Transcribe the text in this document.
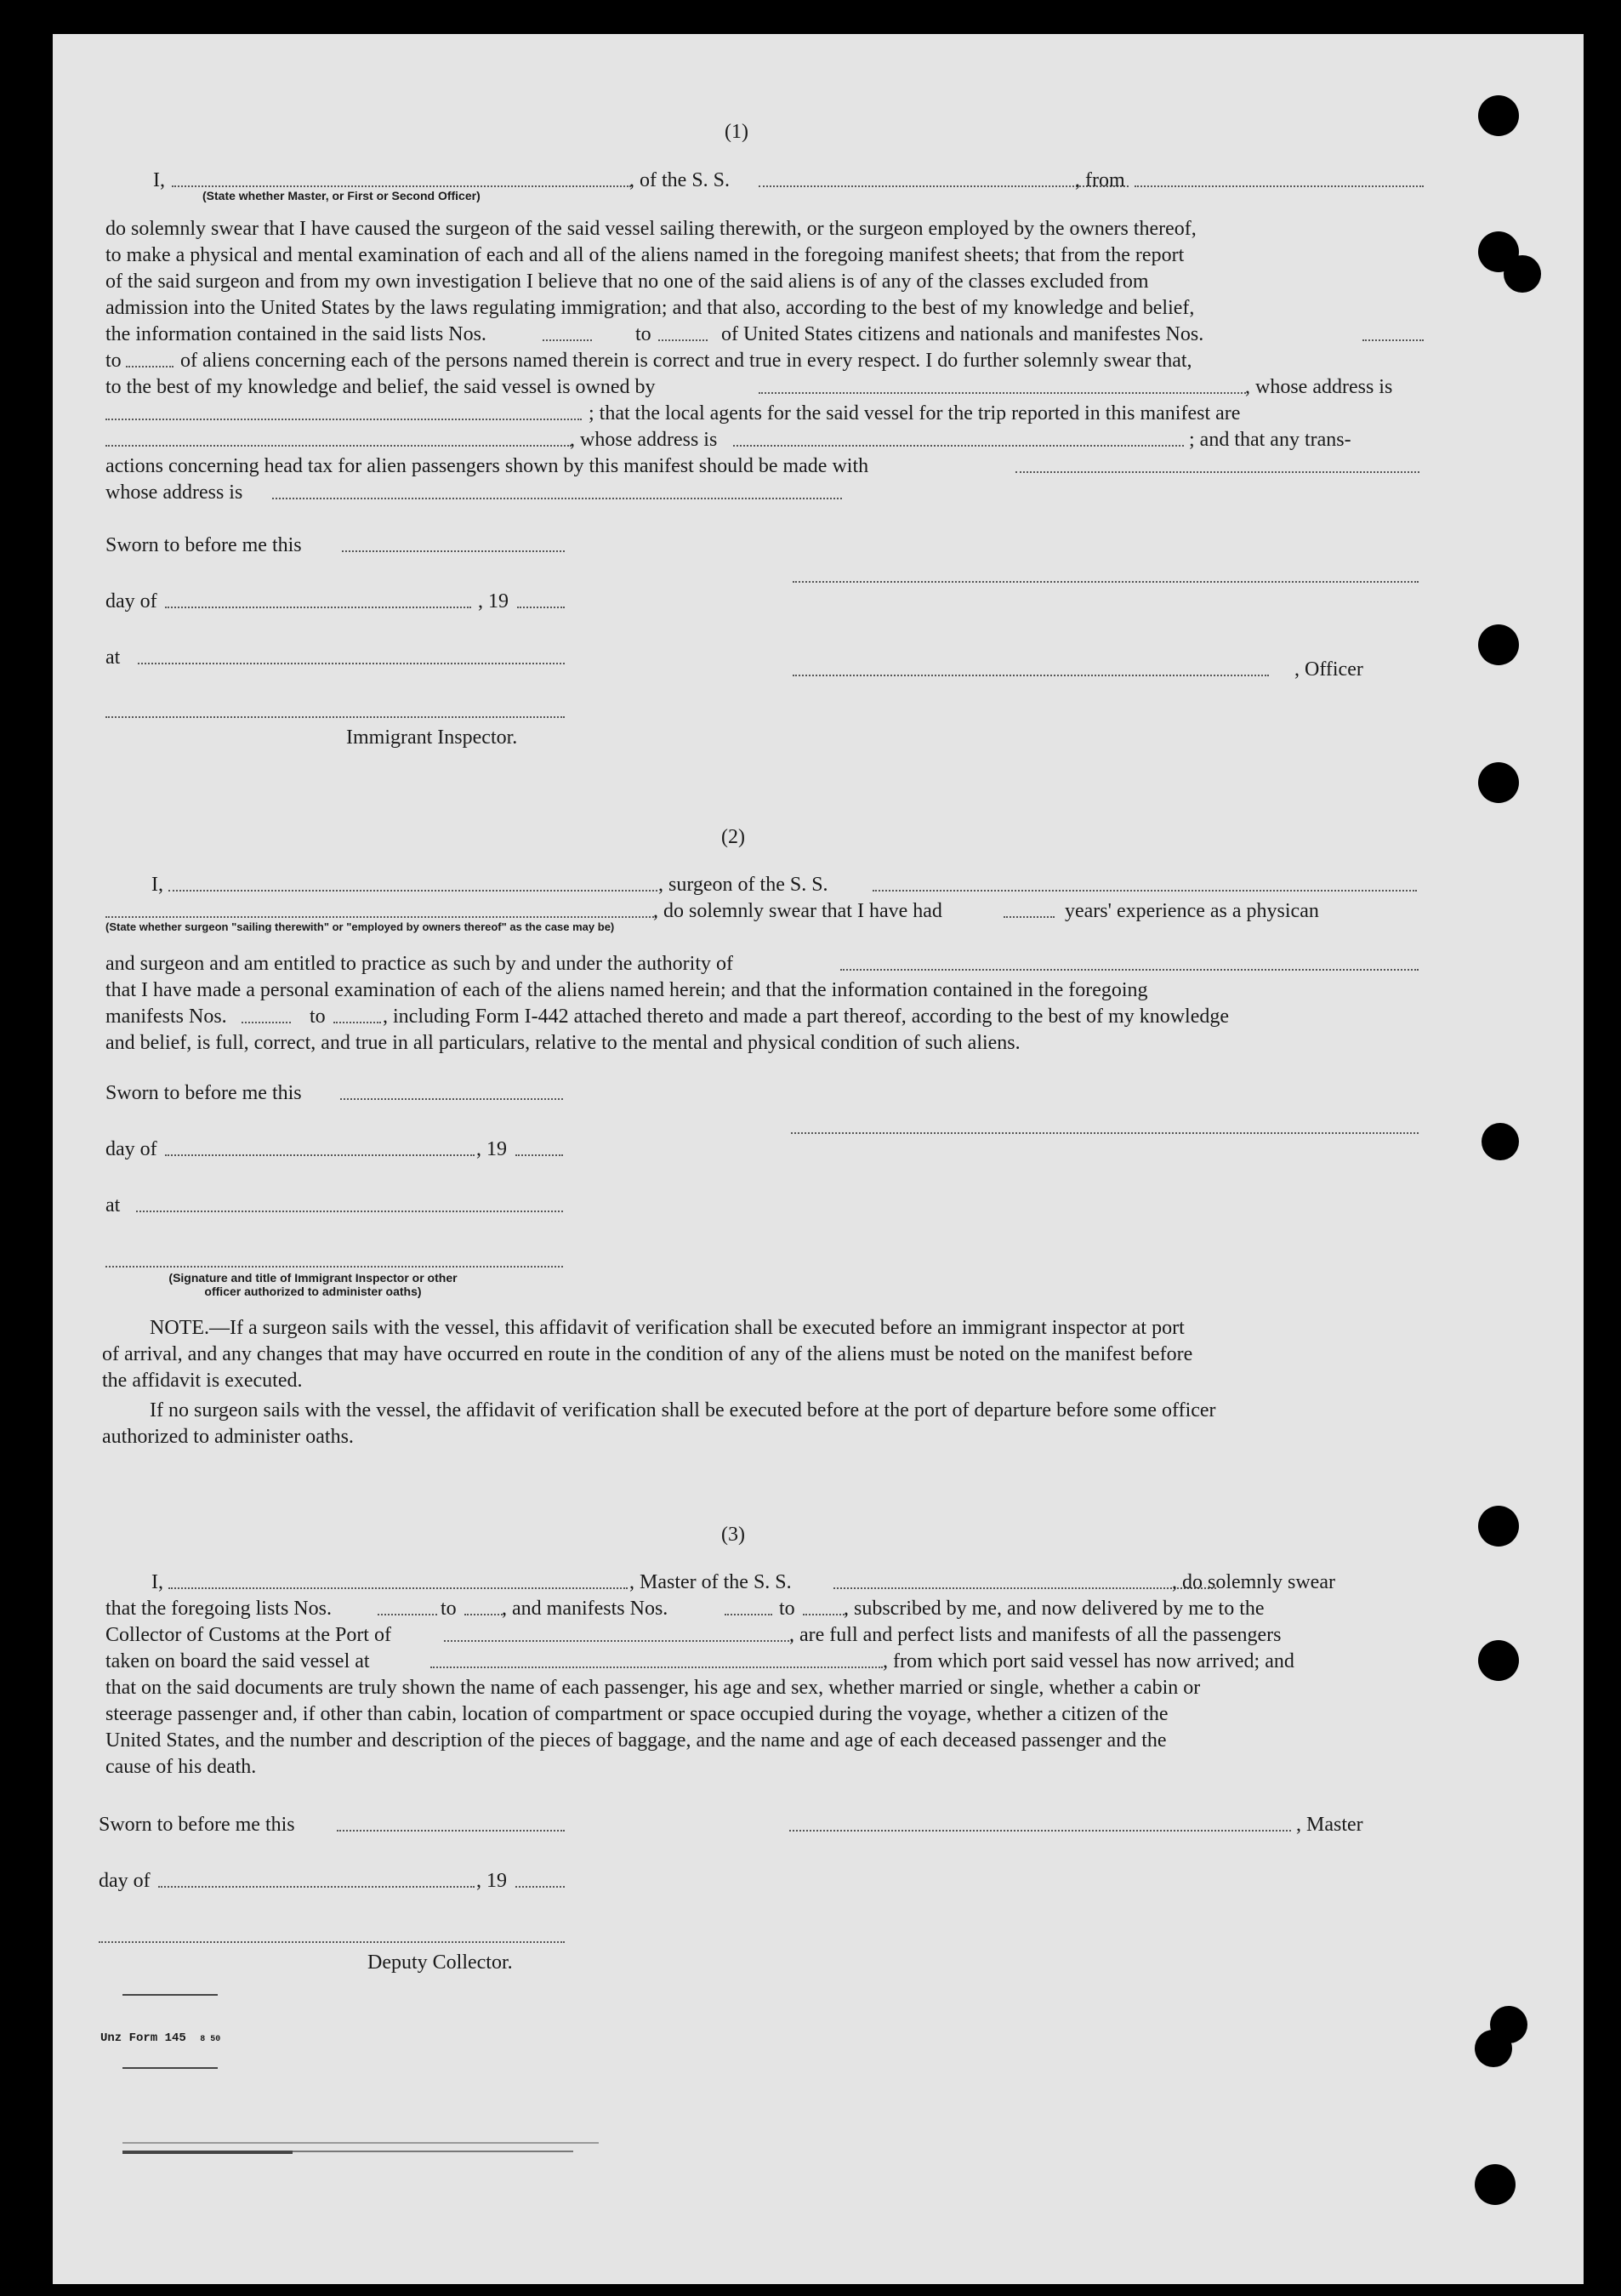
(1)
I,	, of the S. S.	, from
(State whether Master, or First or Second Officer)
do solemnly swear that I have caused the surgeon of the said vessel sailing therewith, or the surgeon employed by the owners thereof,
to make a physical and mental examination of each and all of the aliens named in the foregoing manifest sheets; that from the report
of the said surgeon and from my own investigation I believe that no one of the said aliens is of any of the classes excluded from
admission into the United States by the laws regulating immigration; and that also, according to the best of my knowledge and belief,
the information contained in the said lists Nos.	to	of United States citizens and nationals and manifestes Nos.
to	of aliens concerning each of the persons named therein is correct and true in every respect. I do further solemnly swear that,
to the best of my knowledge and belief, the said vessel is owned by	, whose address is
; that the local agents for the said vessel for the trip reported in this manifest are
, whose address is	; and that any trans-
actions concerning head tax for alien passengers shown by this manifest should be made with
whose address is
Sworn to before me this
day of	, 19
at
, Officer
Immigrant Inspector.
(2)
I,	, surgeon of the S. S.
, do solemnly swear that I have had	years' experience as a physican
(State whether surgeon "sailing therewith" or "employed by owners thereof" as the case may be)
and surgeon and am entitled to practice as such by and under the authority of
that I have made a personal examination of each of the aliens named herein; and that the information contained in the foregoing
manifests Nos.	to	, including Form I-442 attached thereto and made a part thereof, according to the best of my knowledge
and belief, is full, correct, and true in all particulars, relative to the mental and physical condition of such aliens.
Sworn to before me this
day of	, 19
at
(Signature and title of Immigrant Inspector or other
officer authorized to administer oaths)
NOTE.—If a surgeon sails with the vessel, this affidavit of verification shall be executed before an immigrant inspector at port
of arrival, and any changes that may have occurred en route in the condition of any of the aliens must be noted on the manifest before
the affidavit is executed.
If no surgeon sails with the vessel, the affidavit of verification shall be executed before at the port of departure before some officer
authorized to administer oaths.
(3)
I,	, Master of the S. S.	, do solemnly swear
that the foregoing lists Nos.	to , and manifests Nos.	to , subscribed by me, and now delivered by me to the
Collector of Customs at the Port of	, are full and perfect lists and manifests of all the passengers
taken on board the said vessel at	, from which port said vessel has now arrived; and
that on the said documents are truly shown the name of each passenger, his age and sex, whether married or single, whether a cabin or
steerage passenger and, if other than cabin, location of compartment or space occupied during the voyage, whether a citizen of the
United States, and the number and description of the pieces of baggage, and the name and age of each deceased passenger and the
cause of his death.
Sworn to before me this	, Master
day of	, 19
Deputy Collector.
Unz Form 145 8 50
